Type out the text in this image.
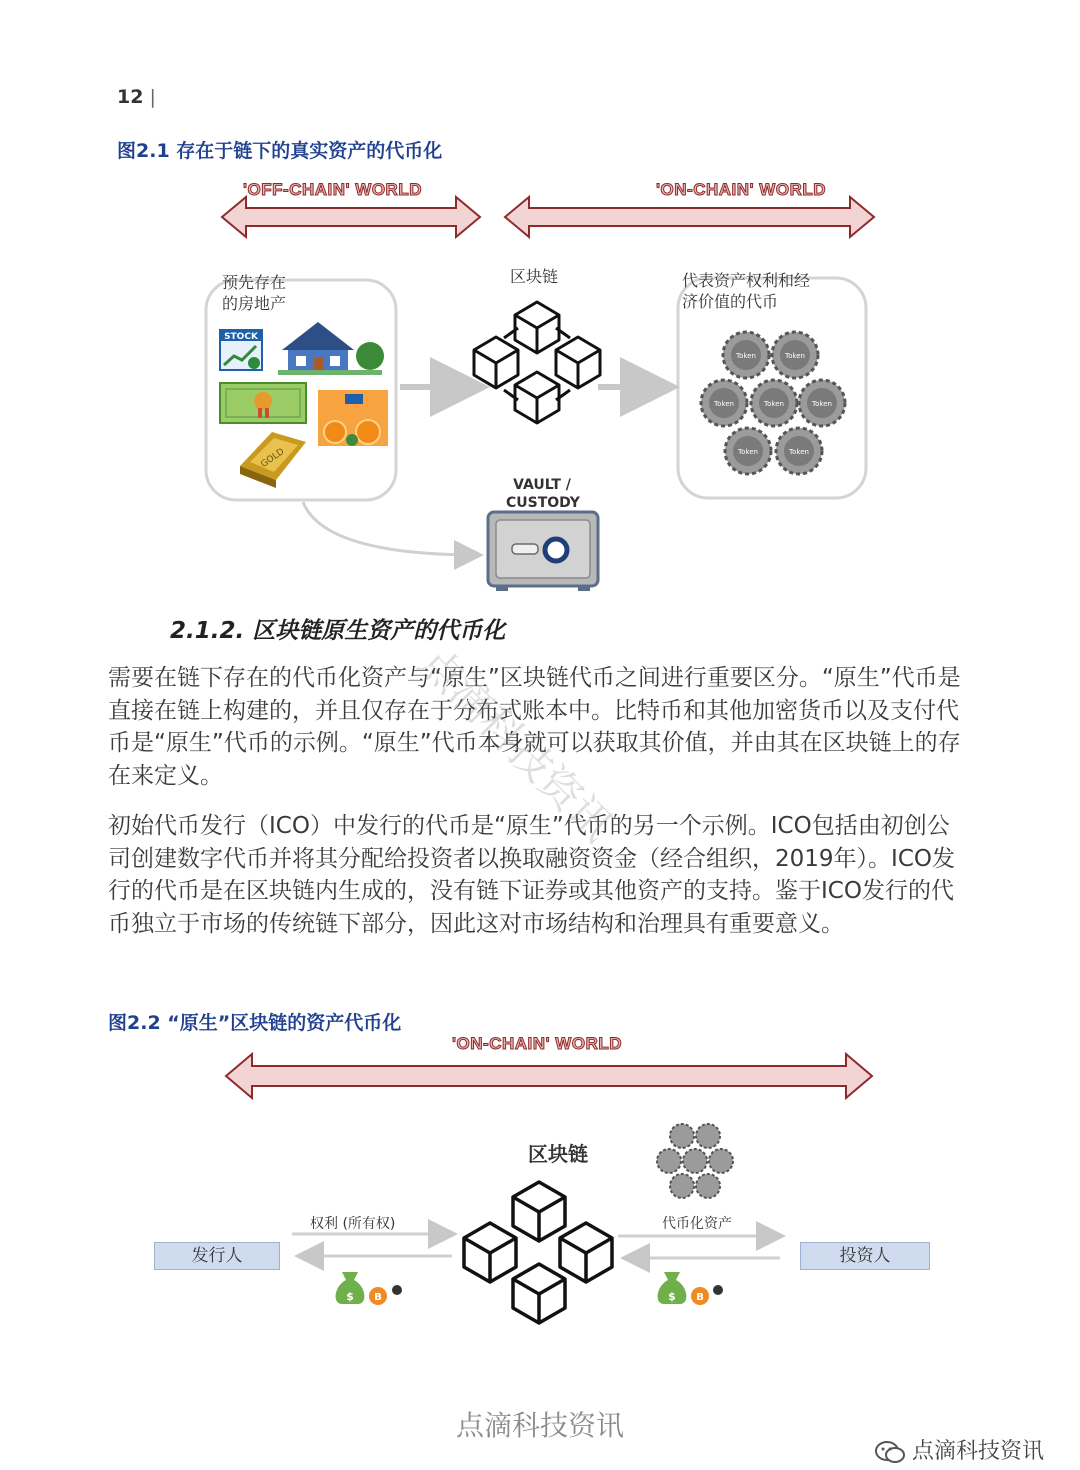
12 |
图2.1 存在于链下的真实资产的代币化
STOCK
GOLD
Token	Token
Token	Token	Token
Token	Token
'OFF-CHAIN' WORLD	'ON-CHAIN' WORLD
预先存在
的房地产
区块链	代表资产权利和经
济价值的代币
VAULT /
CUSTODY
2.1.2. 区块链原生资产的代币化
需要在链下存在的代币化资产与“原生”区块链代币之间进行重要区分。“原生”代币是直接在链上构建的，并且仅存在于分布式账本中。比特币和其他加密货币以及支付代币是“原生”代币的示例。“原生”代币本身就可以获取其价值，并由其在区块链上的存在来定义。
初始代币发行（ICO）中发行的代币是“原生”代币的另一个示例。ICO包括由初创公司创建数字代币并将其分配给投资者以换取融资资金（经合组织，2019年）。ICO发行的代币是在区块链内生成的，没有链下证券或其他资产的支持。鉴于ICO发行的代币独立于市场的传统链下部分，因此这对市场结构和治理具有重要意义。
点滴科技资讯
图2.2 “原生”区块链的资产代币化
$ B	$ B
'ON-CHAIN' WORLD
区块链
权利 (所有权)	代币化资产
发行人	投资人
点滴科技资讯
点滴科技资讯
